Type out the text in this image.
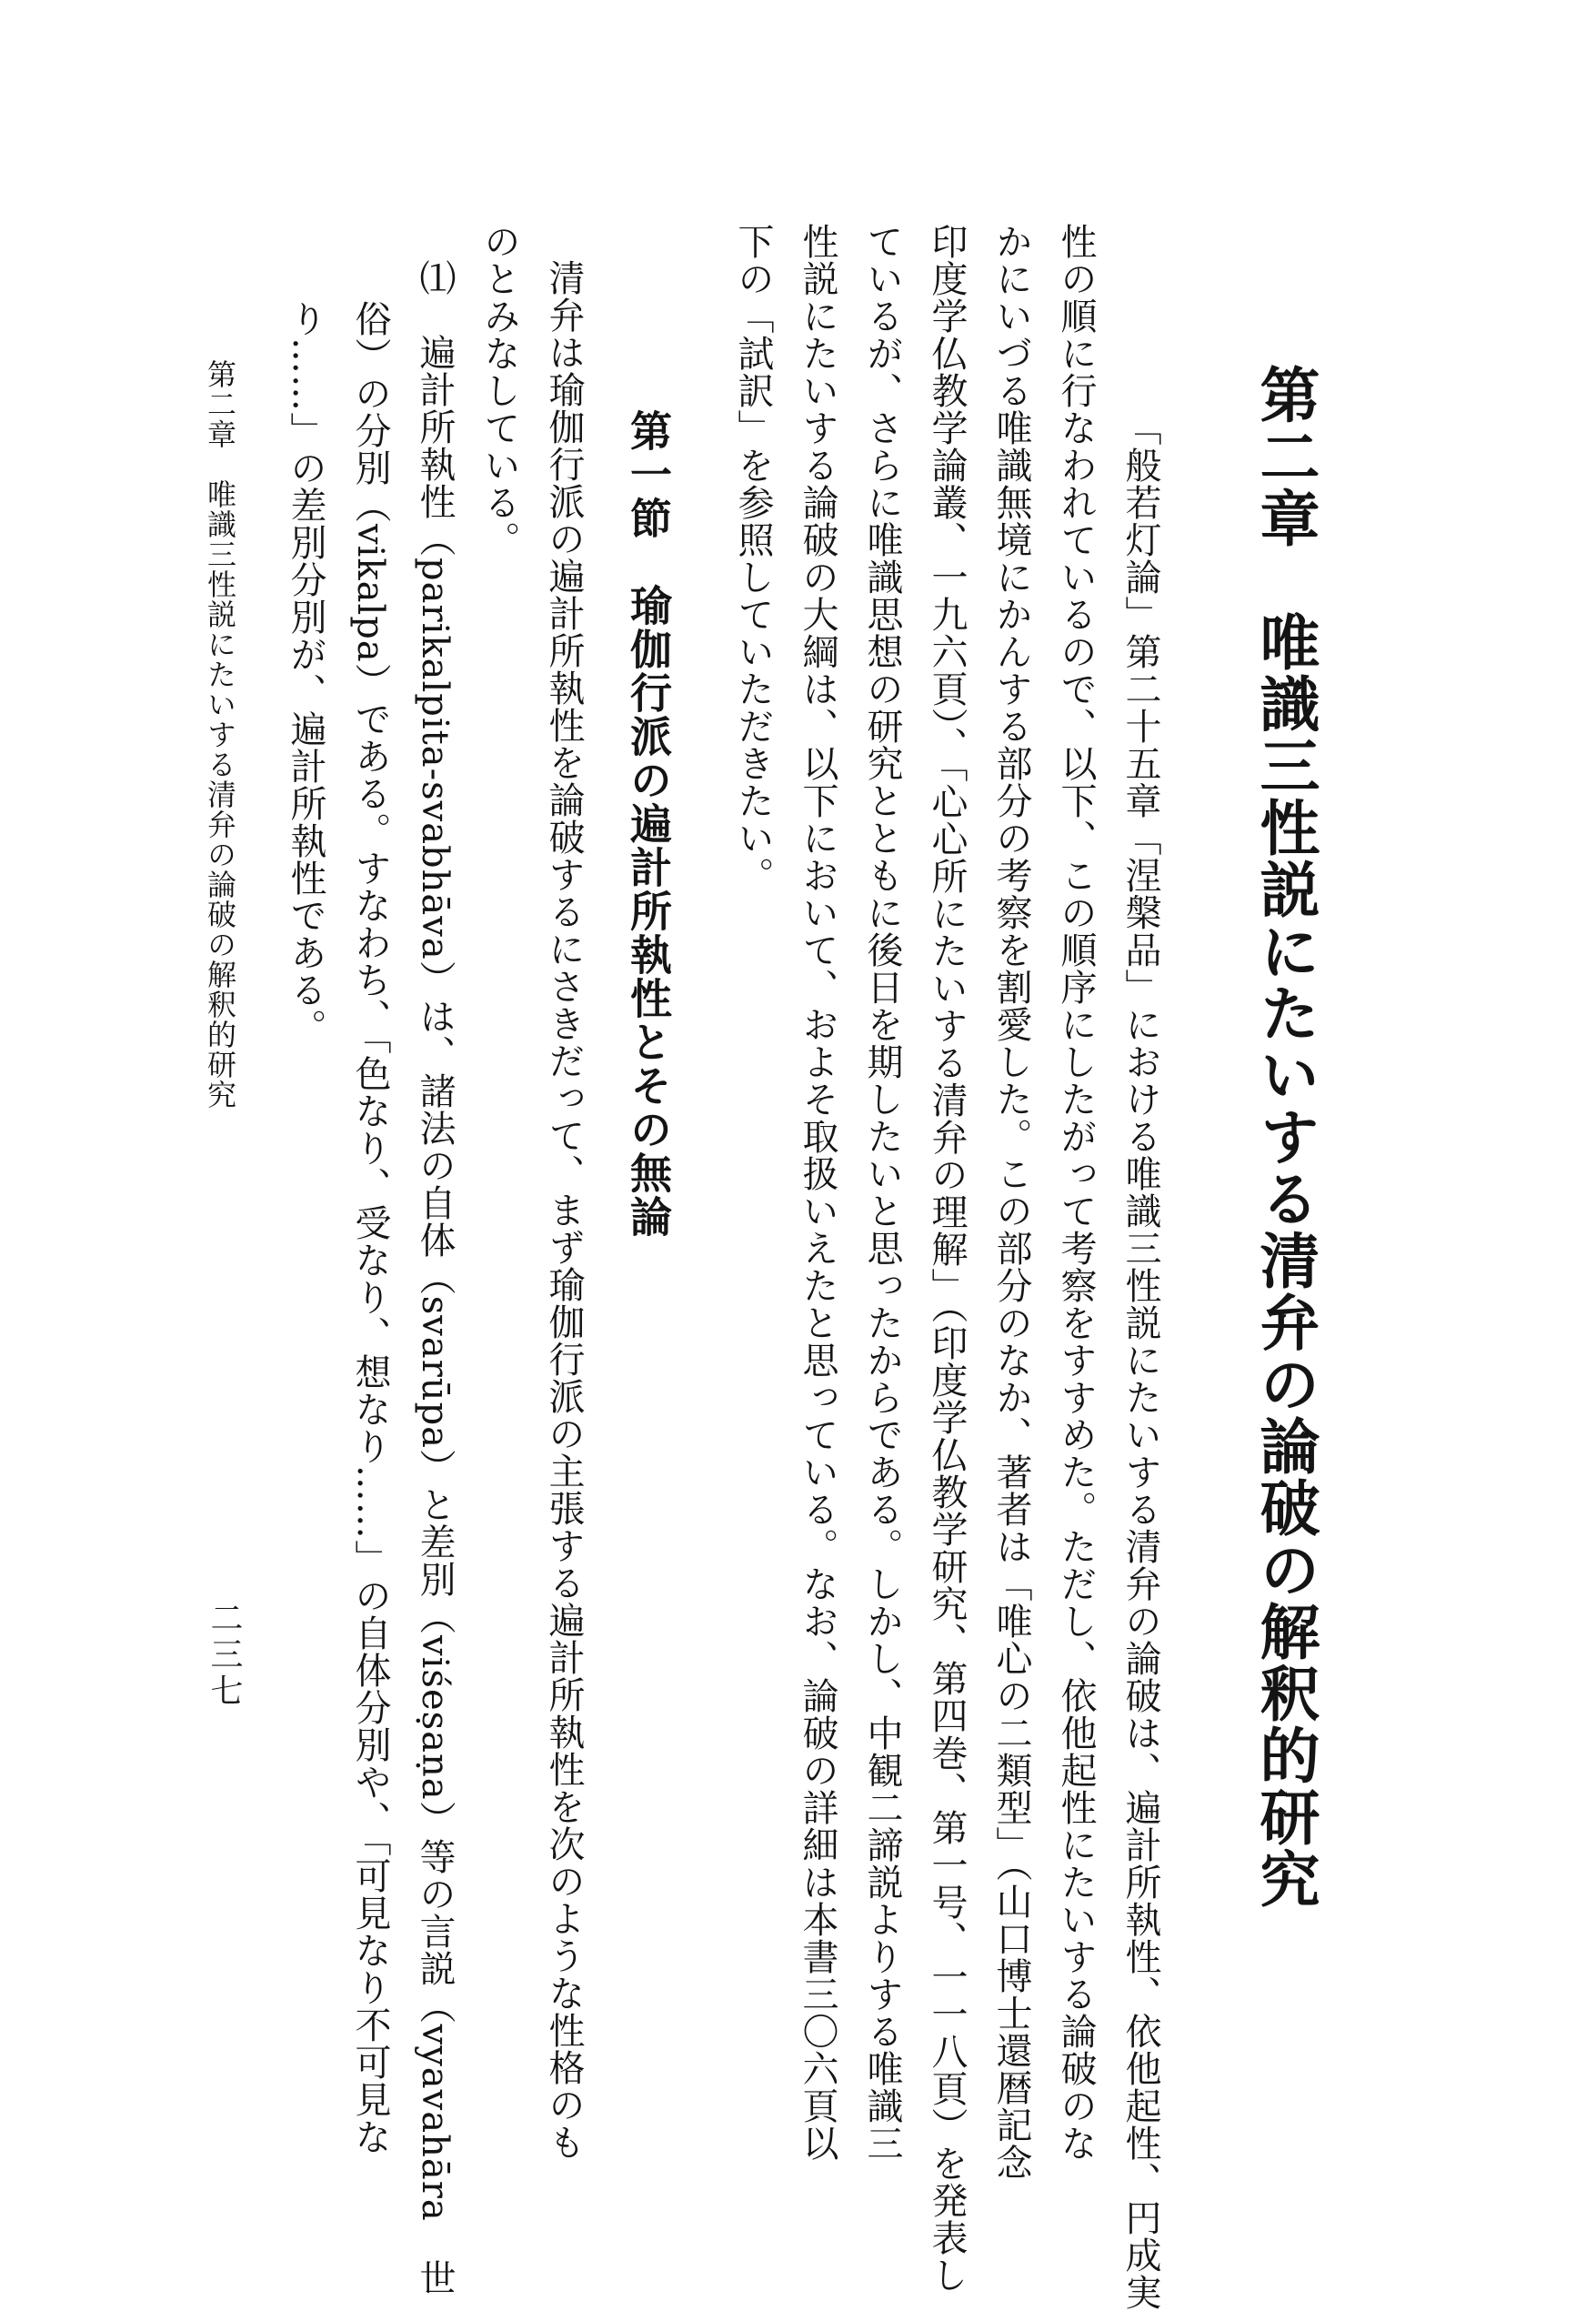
第二章　唯識三性説にたいする清弁の論破の解釈的研究
「般若灯論」第二十五章「涅槃品」における唯識三性説にたいする清弁の論破は、遍計所執性、依他起性、円成実
性の順に行なわれているので、以下、この順序にしたがって考察をすすめた。ただし、依他起性にたいする論破のな
かにいづる唯識無境にかんする部分の考察を割愛した。この部分のなか、著者は「唯心の二類型」（山口博士還暦記念
印度学仏教学論叢、一九六頁）、「心心所にたいする清弁の理解」（印度学仏教学研究、第四巻、第一号、一一八頁）を発表し
ているが、さらに唯識思想の研究とともに後日を期したいと思ったからである。しかし、中観二諦説よりする唯識三
性説にたいする論破の大綱は、以下において、およそ取扱いえたと思っている。なお、論破の詳細は本書三〇六頁以
下の「試訳」を参照していただきたい。
第一節　瑜伽行派の遍計所執性とその無論
清弁は瑜伽行派の遍計所執性を論破するにさきだって、まず瑜伽行派の主張する遍計所執性を次のような性格のも
のとみなしている。
⑴　遍計所執性（parikalpita-svabhāva）は、諸法の自体（svarūpa）と差別（viśeṣaṇa）等の言説（vyavahāra　世
俗）の分別（vikalpa）である。すなわち、「色なり、受なり、想なり……」の自体分別や、「可見なり不可見な
り……」の差別分別が、遍計所執性である。
第二章　唯識三性説にたいする清弁の論破の解釈的研究
二三七
